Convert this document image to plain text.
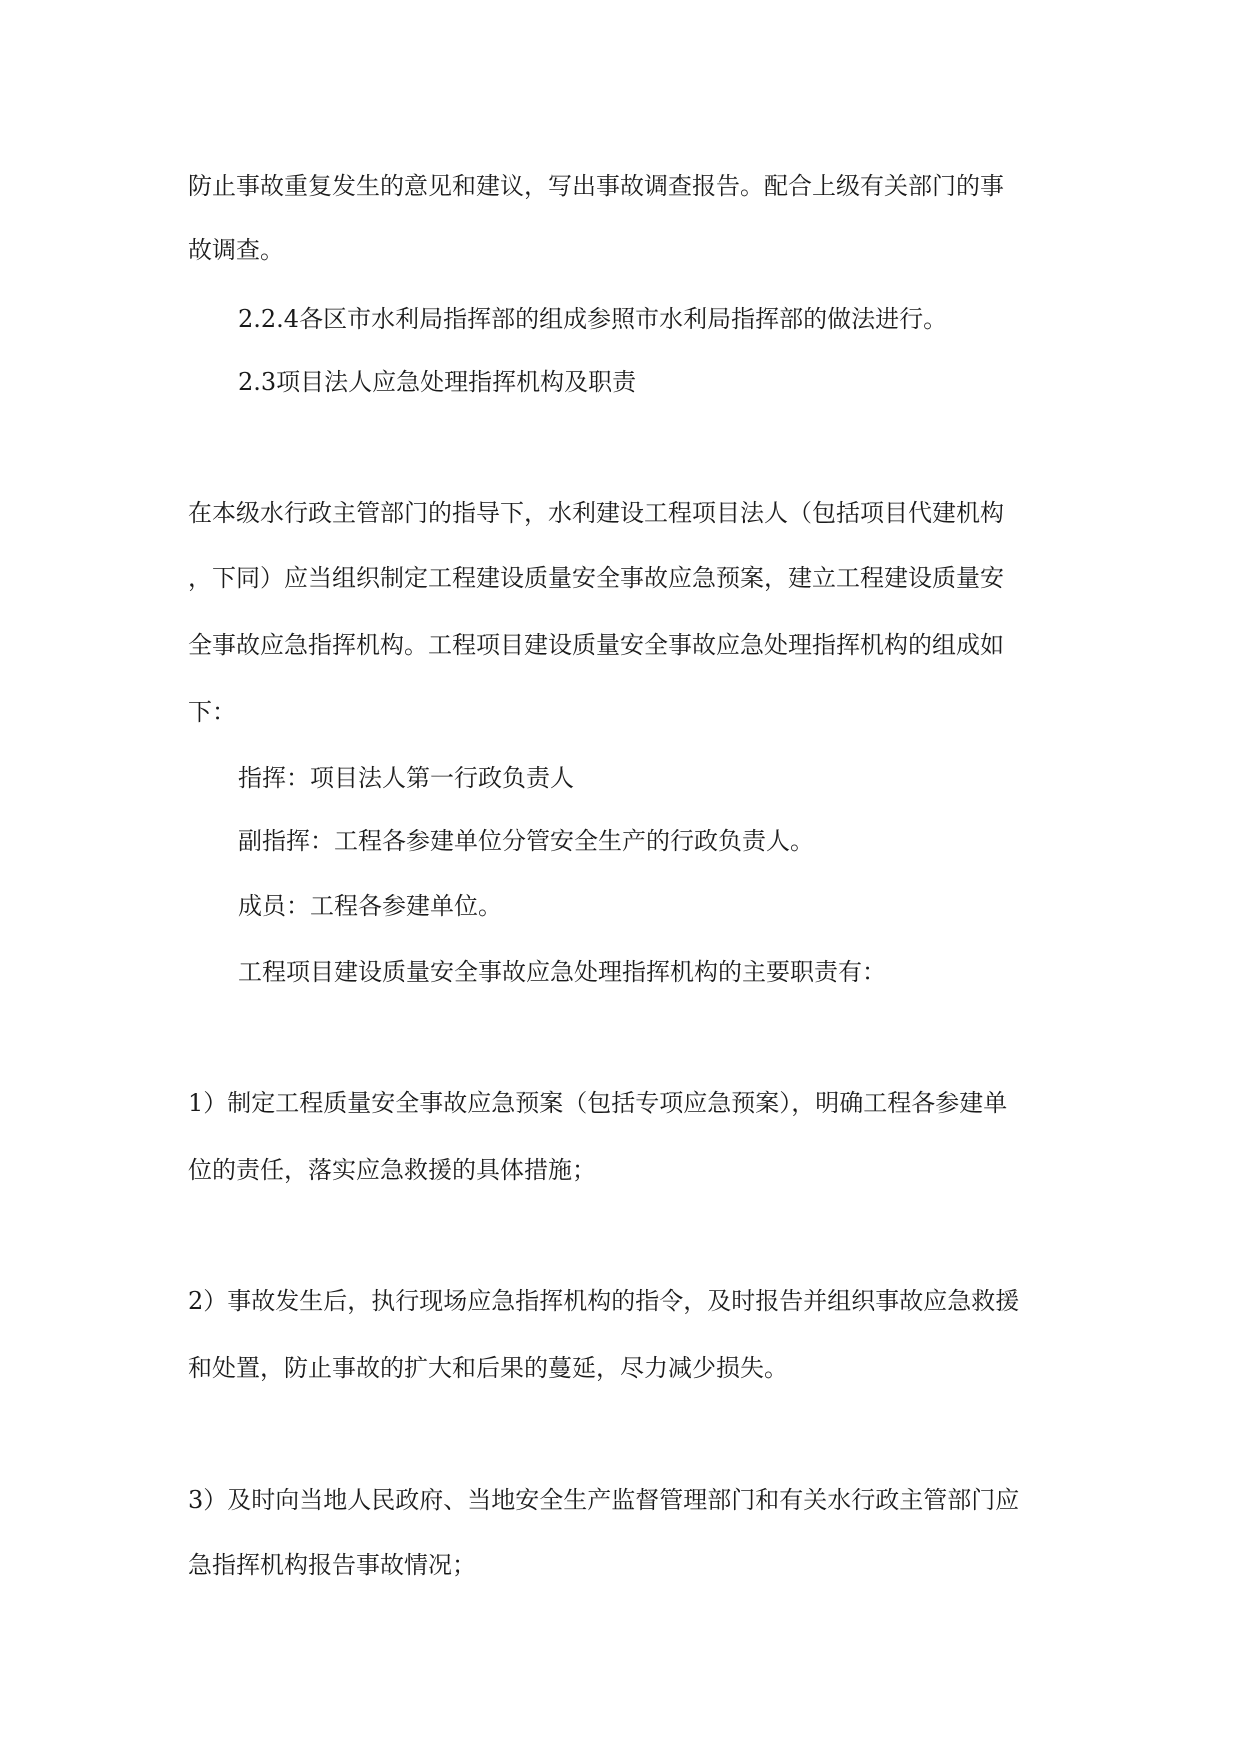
防止事故重复发生的意见和建议，写出事故调查报告。配合上级有关部门的事

故调查。

2.2.4各区市水利局指挥部的组成参照市水利局指挥部的做法进行。

2.3项目法人应急处理指挥机构及职责

在本级水行政主管部门的指导下，水利建设工程项目法人（包括项目代建机构

，下同）应当组织制定工程建设质量安全事故应急预案，建立工程建设质量安

全事故应急指挥机构。工程项目建设质量安全事故应急处理指挥机构的组成如

下：

指挥：项目法人第一行政负责人

副指挥：工程各参建单位分管安全生产的行政负责人。

成员：工程各参建单位。

工程项目建设质量安全事故应急处理指挥机构的主要职责有：

1）制定工程质量安全事故应急预案（包括专项应急预案），明确工程各参建单

位的责任，落实应急救援的具体措施；

2）事故发生后，执行现场应急指挥机构的指令，及时报告并组织事故应急救援

和处置，防止事故的扩大和后果的蔓延，尽力减少损失。

3）及时向当地人民政府、当地安全生产监督管理部门和有关水行政主管部门应

急指挥机构报告事故情况；
